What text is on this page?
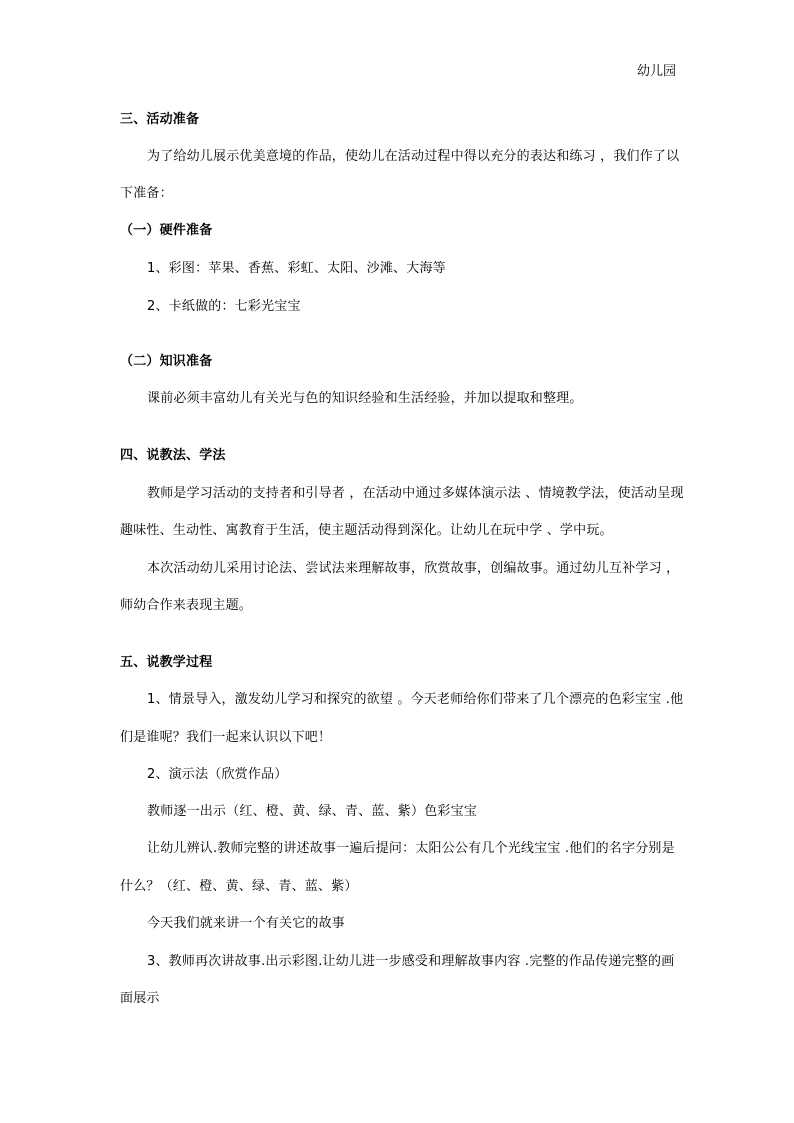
幼儿园
三、活动准备
为了给幼儿展示优美意境的作品，使幼儿在活动过程中得以充分的表达和练习 ，我们作了以
下准备：
（一）硬件准备
1、彩图：苹果、香蕉、彩虹、太阳、沙滩、大海等
2、卡纸做的：七彩光宝宝
（二）知识准备
课前必须丰富幼儿有关光与色的知识经验和生活经验，并加以提取和整理。
四、说教法、学法
教师是学习活动的支持者和引导者 ，在活动中通过多媒体演示法 、情境教学法，使活动呈现
趣味性、生动性、寓教育于生活，使主题活动得到深化。让幼儿在玩中学 、学中玩。
本次活动幼儿采用讨论法、尝试法来理解故事，欣赏故事，创编故事。通过幼儿互补学习 ，
师幼合作来表现主题。
五、说教学过程
1、情景导入，激发幼儿学习和探究的欲望 。今天老师给你们带来了几个漂亮的色彩宝宝 .他
们是谁呢？我们一起来认识以下吧！
2、演示法（欣赏作品）
教师逐一出示（红、橙、黄、绿、青、蓝、紫）色彩宝宝
让幼儿辨认.教师完整的讲述故事一遍后提问：太阳公公有几个光线宝宝 .他们的名字分别是
什么？（红、橙、黄、绿、青、蓝、紫）
今天我们就来讲一个有关它的故事
3、教师再次讲故事.出示彩图.让幼儿进一步感受和理解故事内容 .完整的作品传递完整的画
面展示
